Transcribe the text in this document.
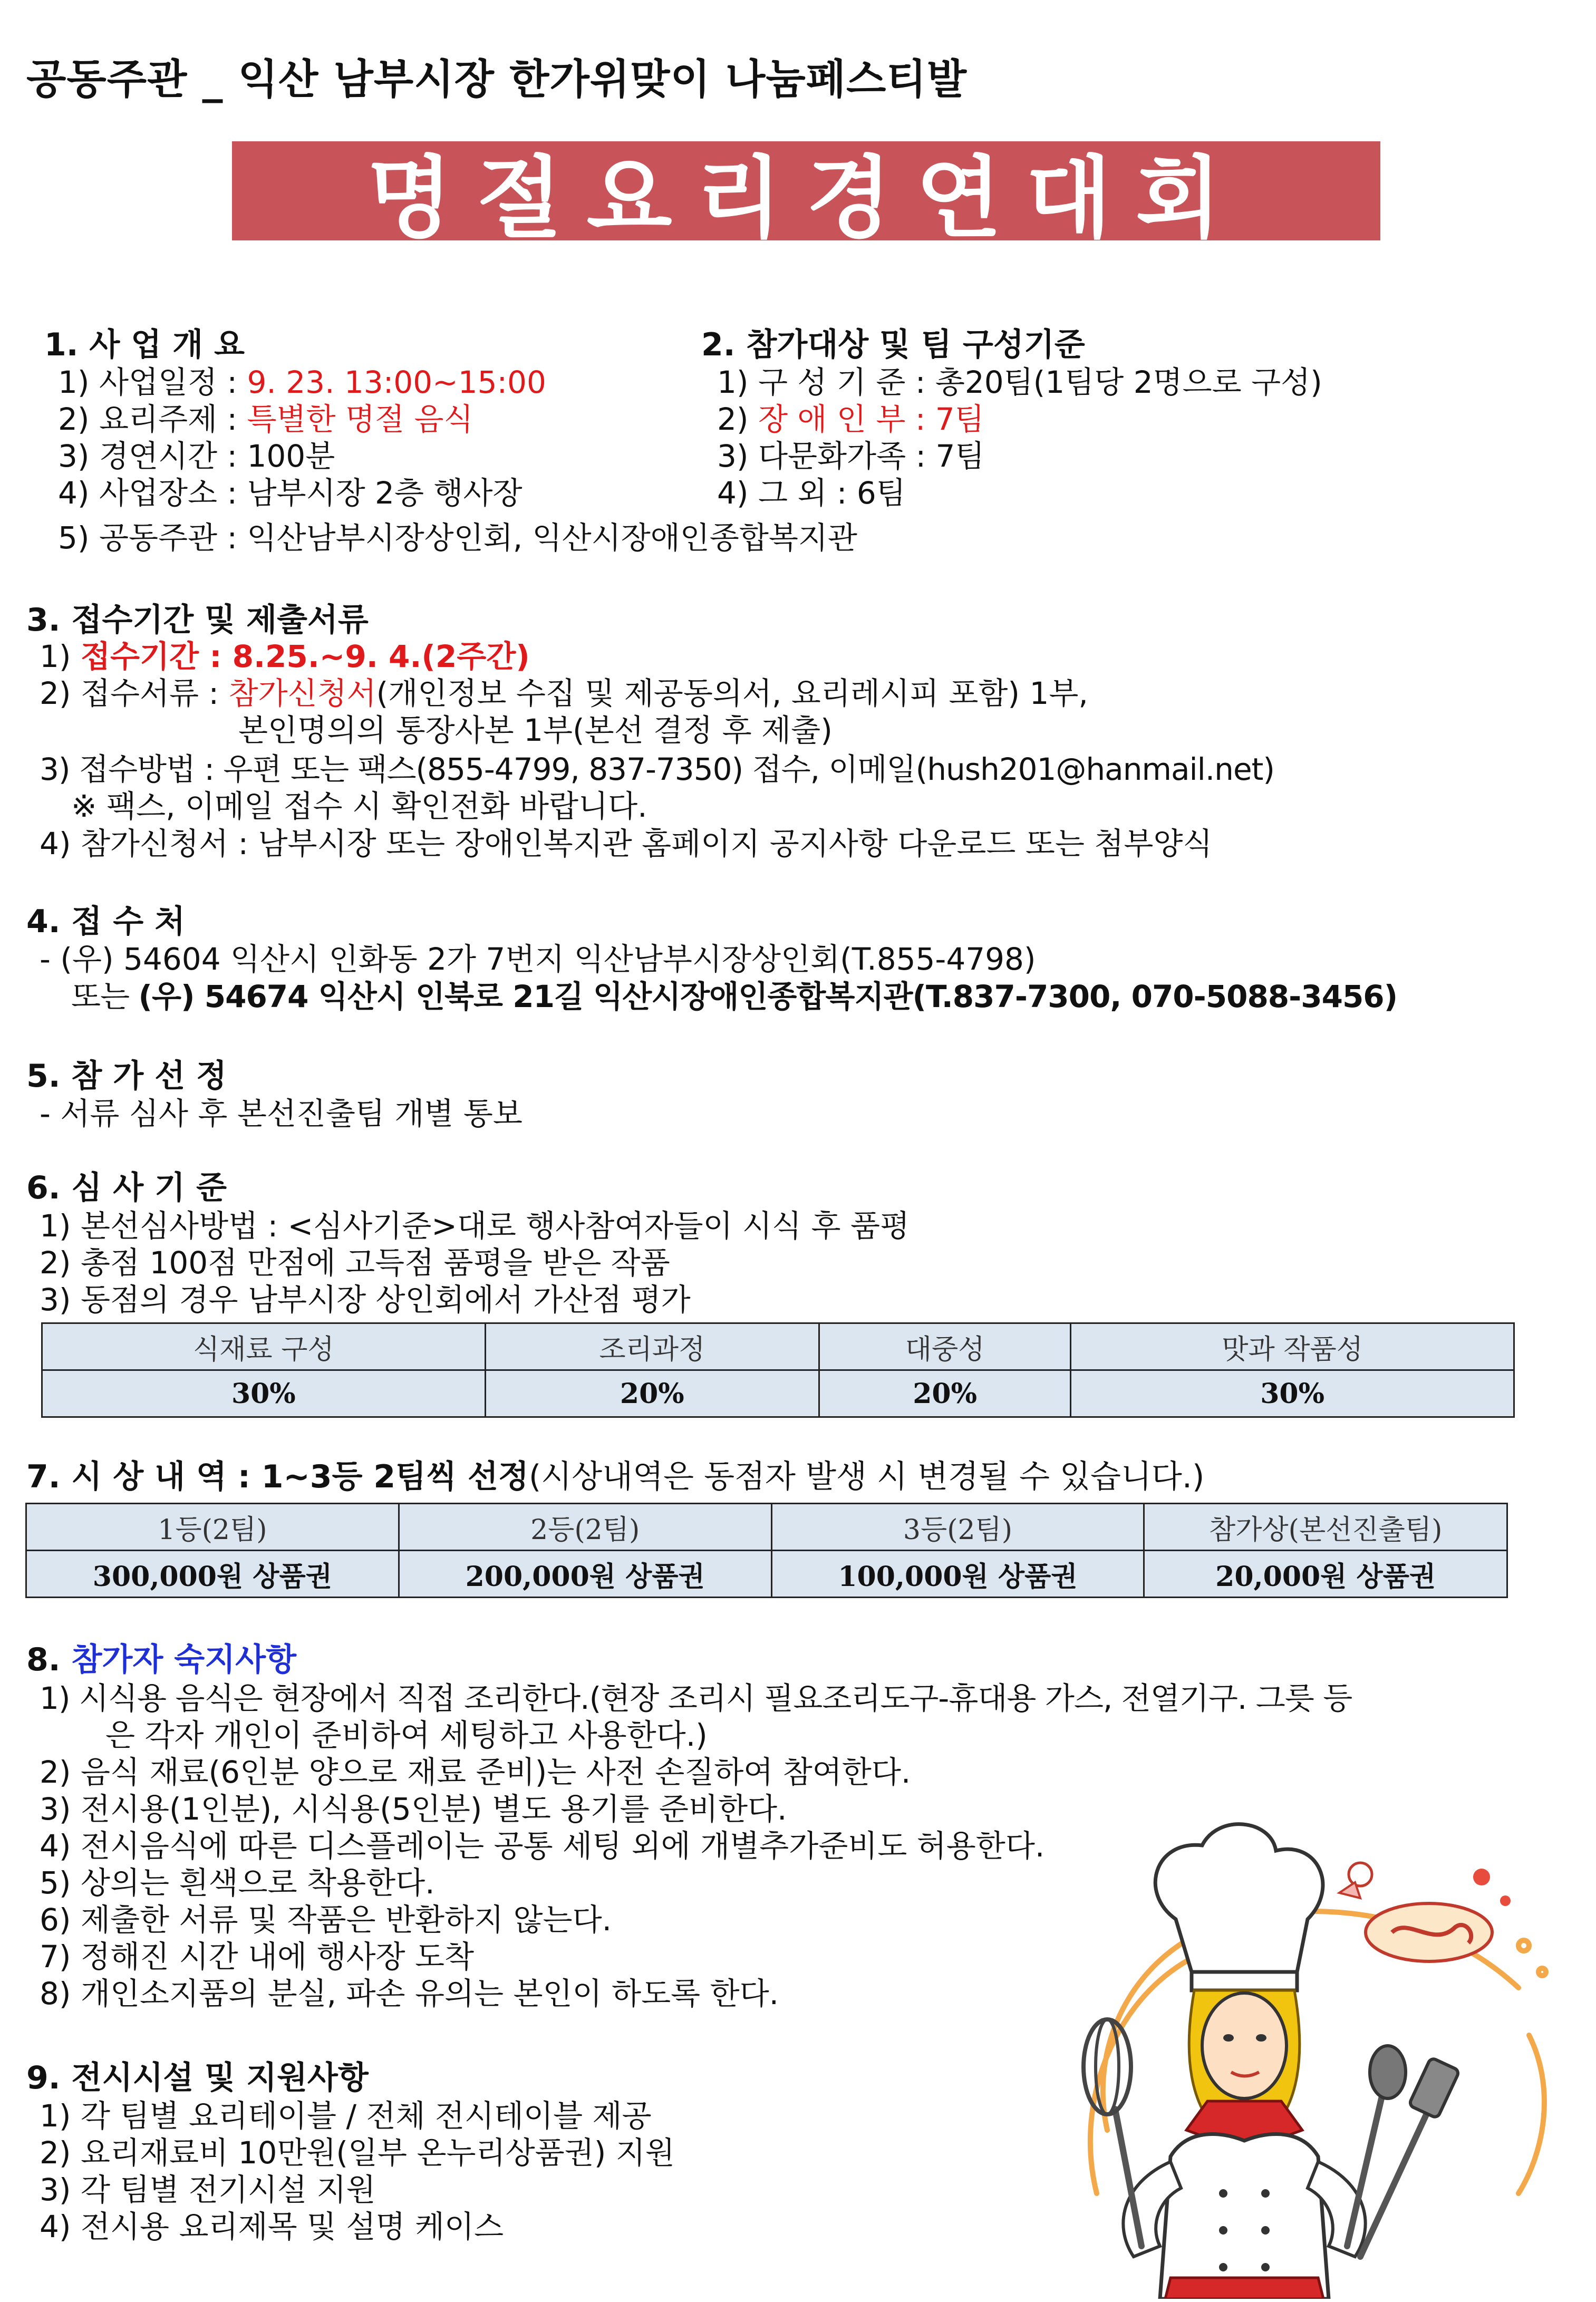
공동주관 _ 익산 남부시장 한가위맞이 나눔페스티발
명절요리경연대회
1. 사 업 개 요
1) 사업일정 : 9. 23. 13:00~15:00
2) 요리주제 : 특별한 명절 음식
3) 경연시간 : 100분
4) 사업장소 : 남부시장 2층 행사장
5) 공동주관 : 익산남부시장상인회, 익산시장애인종합복지관
2. 참가대상 및 팀 구성기준
1) 구 성 기 준 : 총20팀(1팀당 2명으로 구성)
2) 장 애 인 부 : 7팀
3) 다문화가족 : 7팀
4) 그 외 : 6팀
3. 접수기간 및 제출서류
1) 접수기간 : 8.25.~9. 4.(2주간)
2) 접수서류 : 참가신청서(개인정보 수집 및 제공동의서, 요리레시피 포함) 1부,
본인명의의 통장사본 1부(본선 결정 후 제출)
3) 접수방법 : 우편 또는 팩스(855-4799, 837-7350) 접수, 이메일(hush201@hanmail.net)
※ 팩스, 이메일 접수 시 확인전화 바랍니다.
4) 참가신청서 : 남부시장 또는 장애인복지관 홈페이지 공지사항 다운로드 또는 첨부양식
4. 접 수 처
- (우) 54604 익산시 인화동 2가 7번지 익산남부시장상인회(T.855-4798)
또는 (우) 54674 익산시 인북로 21길 익산시장애인종합복지관(T.837-7300, 070-5088-3456)
5. 참 가 선 정
- 서류 심사 후 본선진출팀 개별 통보
6. 심 사 기 준
1) 본선심사방법 : <심사기준>대로 행사참여자들이 시식 후 품평
2) 총점 100점 만점에 고득점 품평을 받은 작품
3) 동점의 경우 남부시장 상인회에서 가산점 평가
식재료 구성	조리과정	대중성	맛과 작품성
30%	20%	20%	30%
7. 시 상 내 역 : 1~3등 2팀씩 선정(시상내역은 동점자 발생 시 변경될 수 있습니다.)
1등(2팀)	2등(2팀)	3등(2팀)	참가상(본선진출팀)
300,000원 상품권	200,000원 상품권	100,000원 상품권	20,000원 상품권
8. 참가자 숙지사항
1) 시식용 음식은 현장에서 직접 조리한다.(현장 조리시 필요조리도구-휴대용 가스, 전열기구. 그릇 등
은 각자 개인이 준비하여 세팅하고 사용한다.)
2) 음식 재료(6인분 양으로 재료 준비)는 사전 손질하여 참여한다.
3) 전시용(1인분), 시식용(5인분) 별도 용기를 준비한다.
4) 전시음식에 따른 디스플레이는 공통 세팅 외에 개별추가준비도 허용한다.
5) 상의는 흰색으로 착용한다.
6) 제출한 서류 및 작품은 반환하지 않는다.
7) 정해진 시간 내에 행사장 도착
8) 개인소지품의 분실, 파손 유의는 본인이 하도록 한다.
9. 전시시설 및 지원사항
1) 각 팀별 요리테이블 / 전체 전시테이블 제공
2) 요리재료비 10만원(일부 온누리상품권) 지원
3) 각 팀별 전기시설 지원
4) 전시용 요리제목 및 설명 케이스
